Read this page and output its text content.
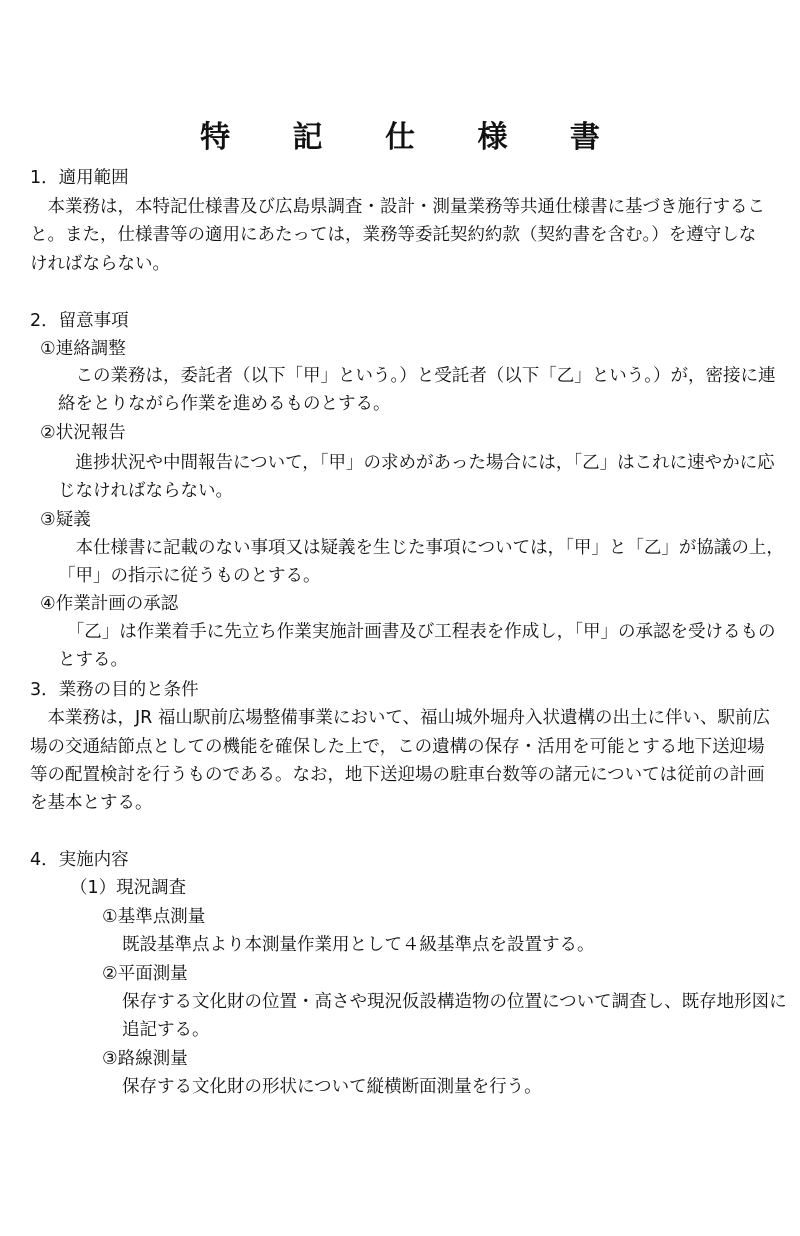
特 記 仕 様 書
1．適用範囲
　本業務は，本特記仕様書及び広島県調査・設計・測量業務等共通仕様書に基づき施行するこ
と。また，仕様書等の適用にあたっては，業務等委託契約約款（契約書を含む。）を遵守しな
ければならない。
2．留意事項
①連絡調整
　この業務は，委託者（以下「甲」という。）と受託者（以下「乙」という。）が，密接に連
絡をとりながら作業を進めるものとする。
②状況報告
　進捗状況や中間報告について，「甲」の求めがあった場合には，「乙」はこれに速やかに応
じなければならない。
③疑義
　本仕様書に記載のない事項又は疑義を生じた事項については，「甲」と「乙」が協議の上，
「甲」の指示に従うものとする。
④作業計画の承認
　「乙」は作業着手に先立ち作業実施計画書及び工程表を作成し，「甲」の承認を受けるもの
とする。
3．業務の目的と条件
　本業務は，JR 福山駅前広場整備事業において、福山城外堀舟入状遺構の出土に伴い、駅前広
場の交通結節点としての機能を確保した上で，この遺構の保存・活用を可能とする地下送迎場
等の配置検討を行うものである。なお，地下送迎場の駐車台数等の諸元については従前の計画
を基本とする。
4．実施内容
（1）現況調査
①基準点測量
既設基準点より本測量作業用として４級基準点を設置する。
②平面測量
保存する文化財の位置・高さや現況仮設構造物の位置について調査し、既存地形図に
追記する。
③路線測量
保存する文化財の形状について縦横断面測量を行う。
